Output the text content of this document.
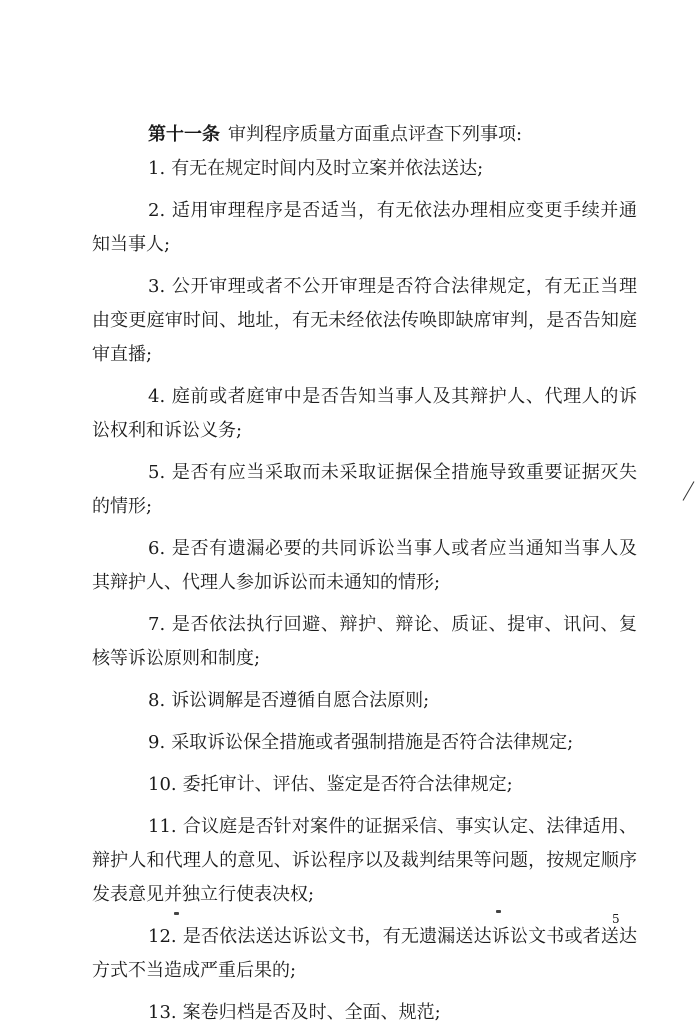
第十一条 审判程序质量方面重点评查下列事项:
1. 有无在规定时间内及时立案并依法送达;
2. 适用审理程序是否适当，有无依法办理相应变更手续并通知当事人;
3. 公开审理或者不公开审理是否符合法律规定，有无正当理由变更庭审时间、地址，有无未经依法传唤即缺席审判，是否告知庭审直播;
4. 庭前或者庭审中是否告知当事人及其辩护人、代理人的诉讼权利和诉讼义务;
5. 是否有应当采取而未采取证据保全措施导致重要证据灭失的情形;
6. 是否有遗漏必要的共同诉讼当事人或者应当通知当事人及其辩护人、代理人参加诉讼而未通知的情形;
7. 是否依法执行回避、辩护、辩论、质证、提审、讯问、复核等诉讼原则和制度;
8. 诉讼调解是否遵循自愿合法原则;
9. 采取诉讼保全措施或者强制措施是否符合法律规定;
10. 委托审计、评估、鉴定是否符合法律规定;
11. 合议庭是否针对案件的证据采信、事实认定、法律适用、辩护人和代理人的意见、诉讼程序以及裁判结果等问题，按规定顺序发表意见并独立行使表决权;
12. 是否依法送达诉讼文书，有无遗漏送达诉讼文书或者送达方式不当造成严重后果的;
13. 案卷归档是否及时、全面、规范;
5
